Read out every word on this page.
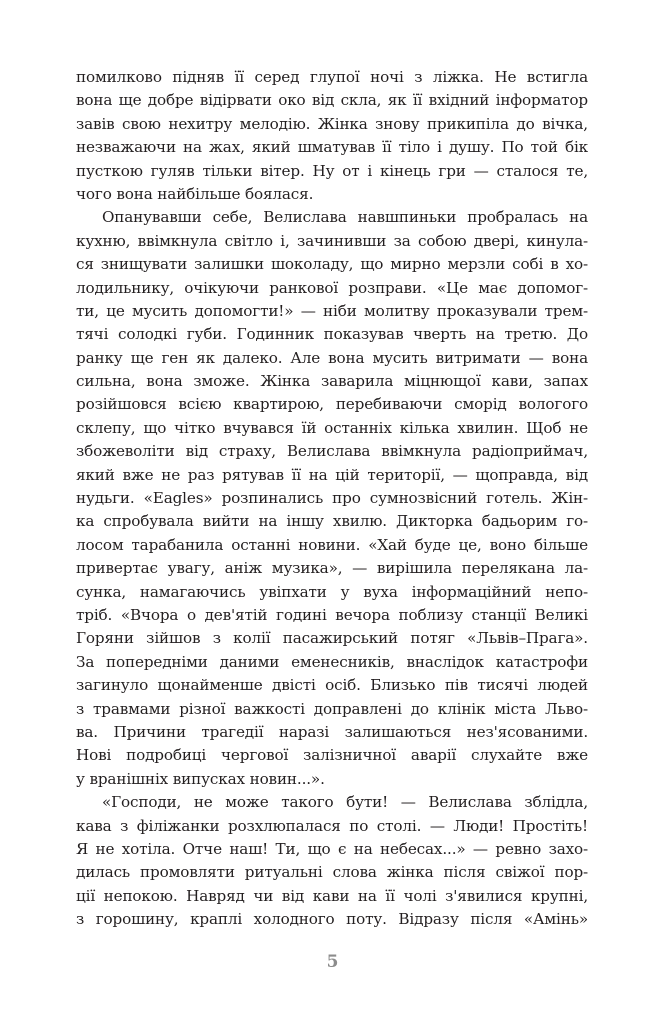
помилково підняв її серед глупої ночі з ліжка. Не встигла
вона ще добре відірвати око від скла, як її вхідний інформатор
завів свою нехитру мелодію. Жінка знову прикипіла до вічка,
незважаючи на жах, який шматував її тіло і душу. По той бік
пусткою гуляв тільки вітер. Ну от і кінець гри — сталося те,
чого вона найбільше боялася.
Опанувавши себе, Велислава навшпиньки пробралась на
кухню, ввімкнула світло і, зачинивши за собою двері, кинула-
ся знищувати залишки шоколаду, що мирно мерзли собі в хо-
лодильнику, очікуючи ранкової розправи. «Це має допомог-
ти, це мусить допомогти!» — ніби молитву проказували трем-
тячі солодкі губи. Годинник показував чверть на третю. До
ранку ще ген як далеко. Але вона мусить витримати — вона
сильна, вона зможе. Жінка заварила міцнющої кави, запах
розійшовся всією квартирою, перебиваючи сморід вологого
склепу, що чітко вчувався їй останніх кілька хвилин. Щоб не
збожеволіти від страху, Велислава ввімкнула радіоприймач,
який вже не раз рятував її на цій території, — щоправда, від
нудьги. «Eagles» розпинались про сумнозвісний готель. Жін-
ка спробувала вийти на іншу хвилю. Дикторка бадьорим го-
лосом тарабанила останні новини. «Хай буде це, воно більше
привертає увагу, аніж музика», — вирішила перелякана ла-
сунка, намагаючись увіпхати у вуха інформаційний непо-
тріб. «Вчора о дев'ятій годині вечора поблизу станції Великі
Горяни зійшов з колії пасажирський потяг «Львів–Прага».
За попередніми даними еменесників, внаслідок катастрофи
загинуло щонайменше двісті осіб. Близько пів тисячі людей
з травмами різної важкості доправлені до клінік міста Льво-
ва. Причини трагедії наразі залишаються нез'ясованими.
Нові подробиці чергової залізничної аварії слухайте вже
у вранішніх випусках новин...».
«Господи, не може такого бути! — Велислава зблідла,
кава з філіжанки розхлюпалася по столі. — Люди! Простіть!
Я не хотіла. Отче наш! Ти, що є на небесах...» — ревно захо-
дилась промовляти ритуальні слова жінка після свіжої пор-
ції непокою. Навряд чи від кави на її чолі з'явилися крупні,
з горошину, краплі холодного поту. Відразу після «Амінь»
5
